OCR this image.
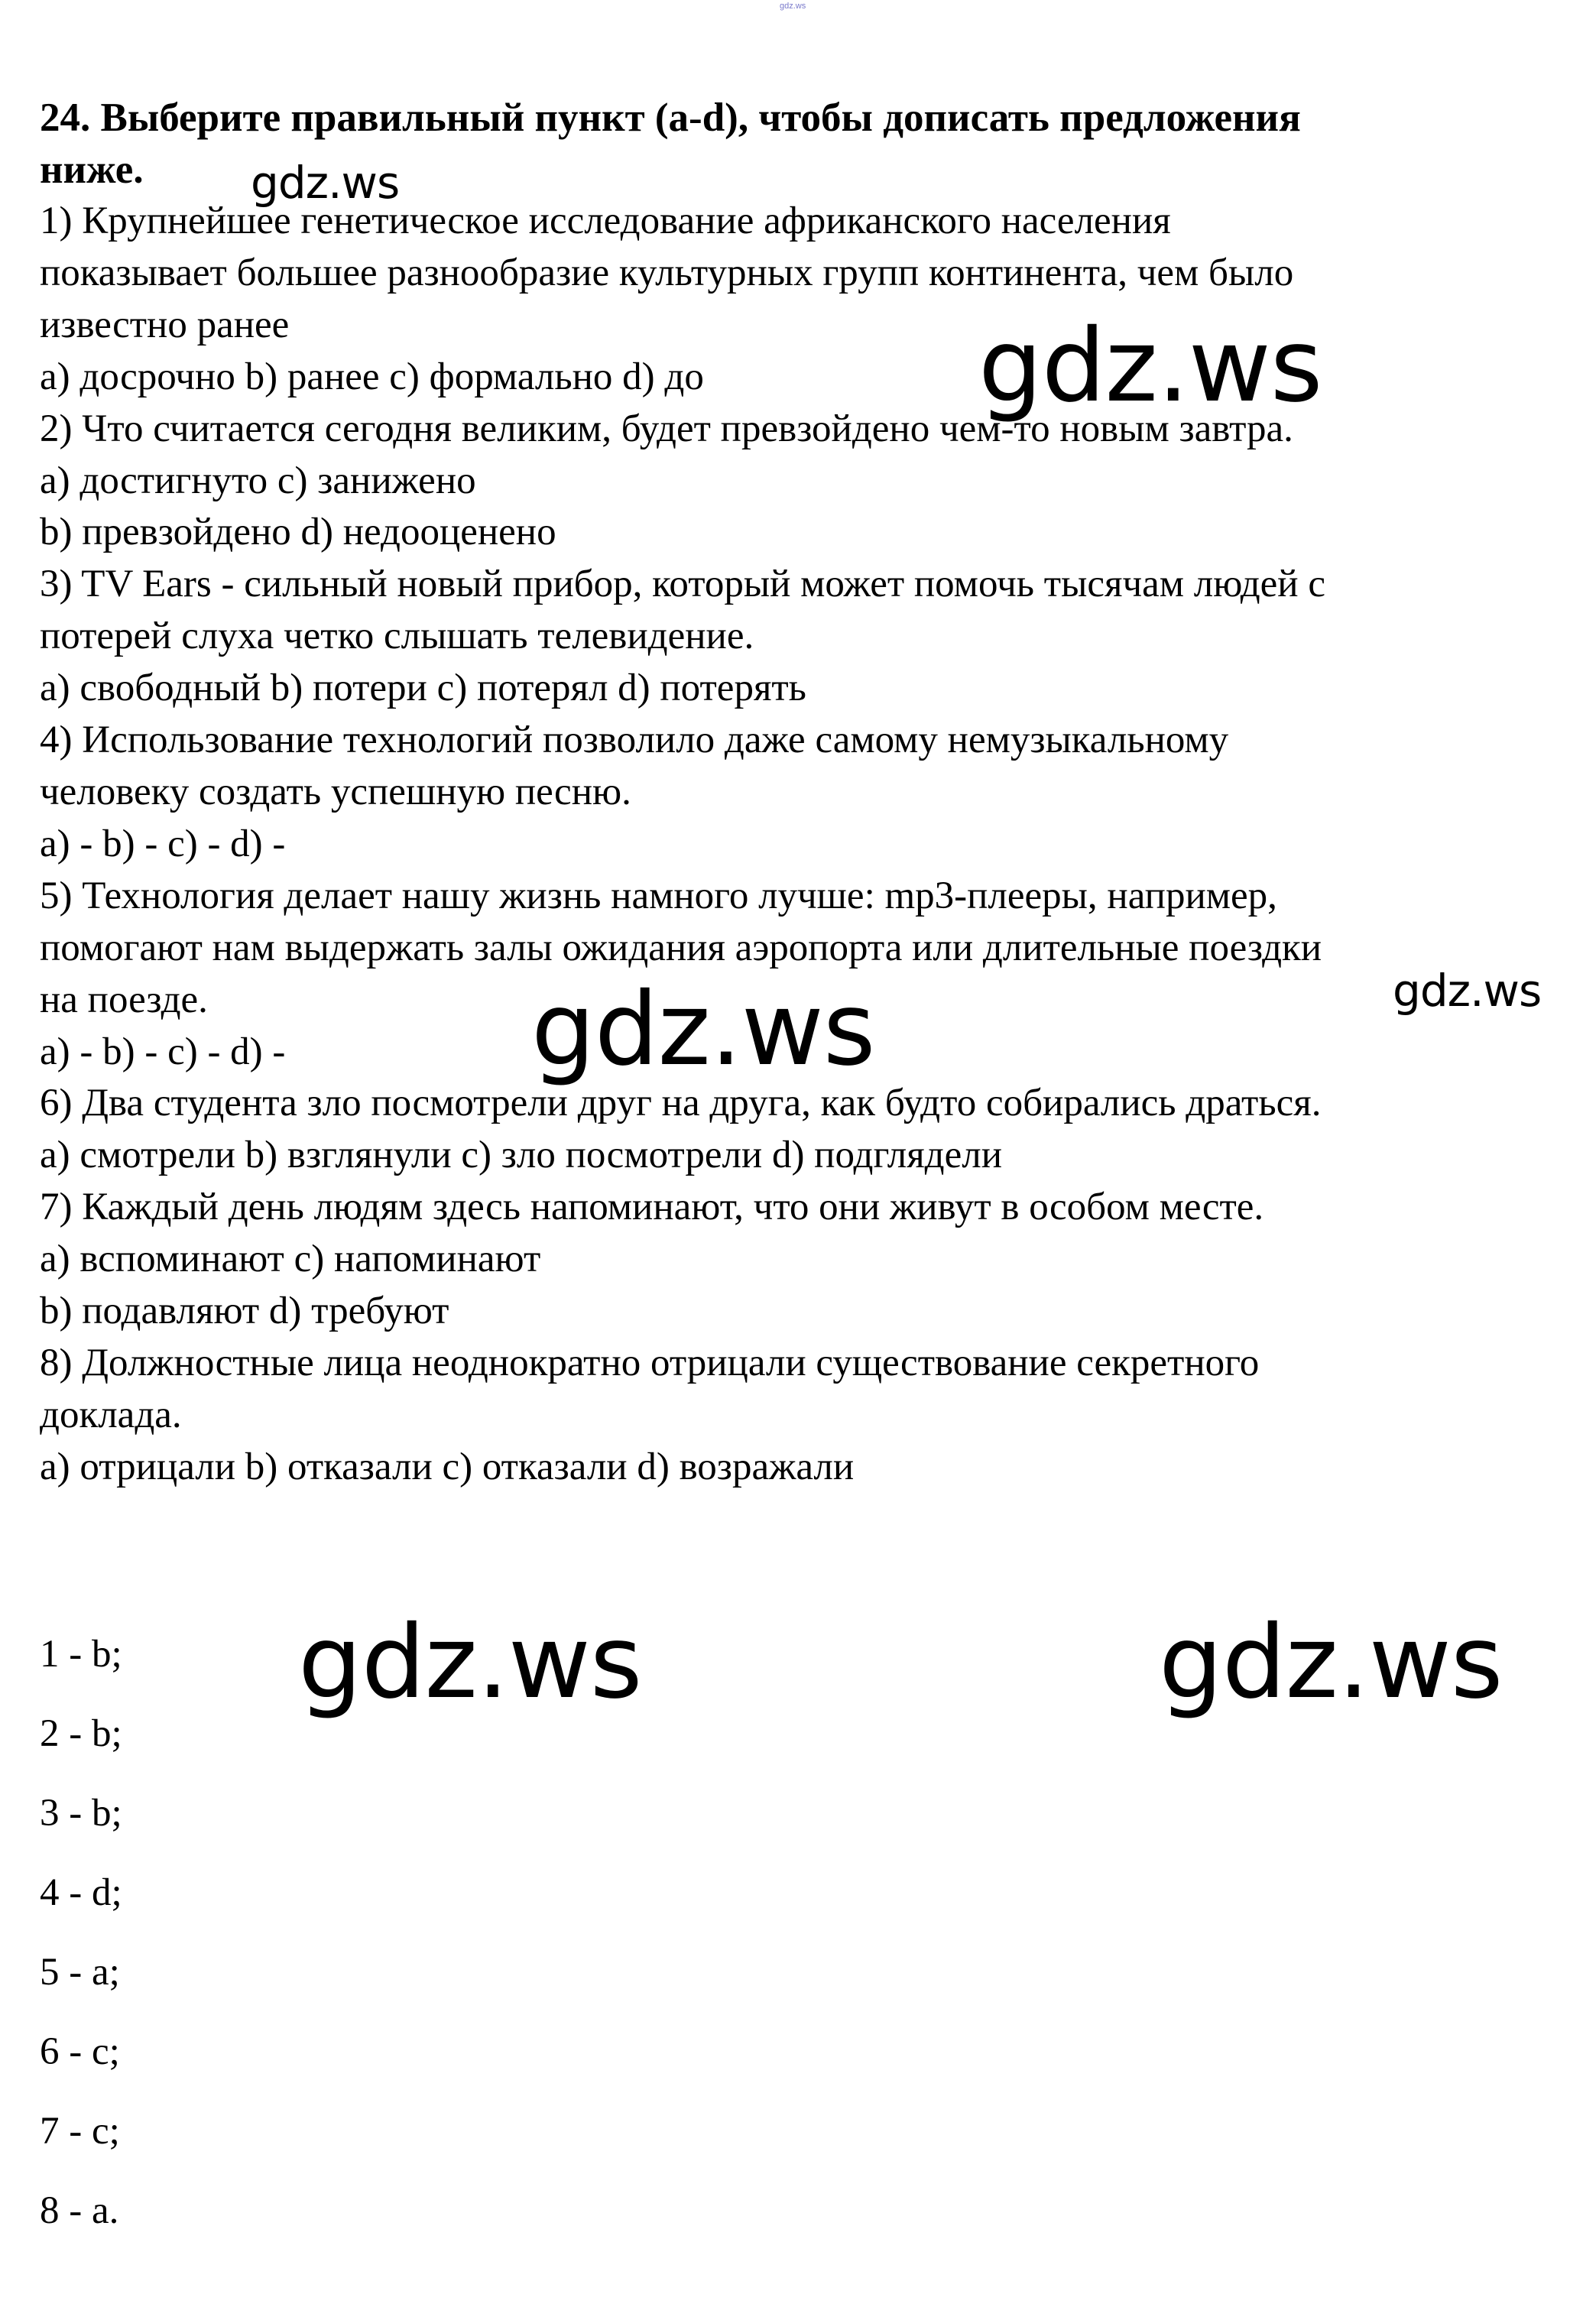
gdz.ws

24. Выберите правильный пункт (a-d), чтобы дописать предложения

ниже.

1) Крупнейшее генетическое исследование африканского населения

показывает большее разнообразие культурных групп континента, чем было

известно ранее

a) досрочно b) ранее c) формально d) до

2) Что считается сегодня великим, будет превзойдено чем-то новым завтра.

a) достигнуто c) занижено

b) превзойдено d) недооценено

3) TV Ears - сильный новый прибор, который может помочь тысячам людей с

потерей слуха четко слышать телевидение.

a) свободный b) потери c) потерял d) потерять

4) Использование технологий позволило даже самому немузыкальному

человеку создать успешную песню.

a) - b) - c) - d) -

5) Технология делает нашу жизнь намного лучше: mp3-плееры, например,

помогают нам выдержать залы ожидания аэропорта или длительные поездки

на поезде.

a) - b) - c) - d) -

6) Два студента зло посмотрели друг на друга, как будто собирались драться.

a) смотрели b) взглянули c) зло посмотрели d) подглядели

7) Каждый день людям здесь напоминают, что они живут в особом месте.

a) вспоминают c) напоминают

b) подавляют d) требуют

8) Должностные лица неоднократно отрицали существование секретного

доклада.

a) отрицали b) отказали c) отказали d) возражали

1 - b;

2 - b;

3 - b;

4 - d;

5 - a;

6 - c;

7 - c;

8 - a.

gdz.ws
gdz.ws
gdz.ws
gdz.ws
gdz.ws	gdz.ws
